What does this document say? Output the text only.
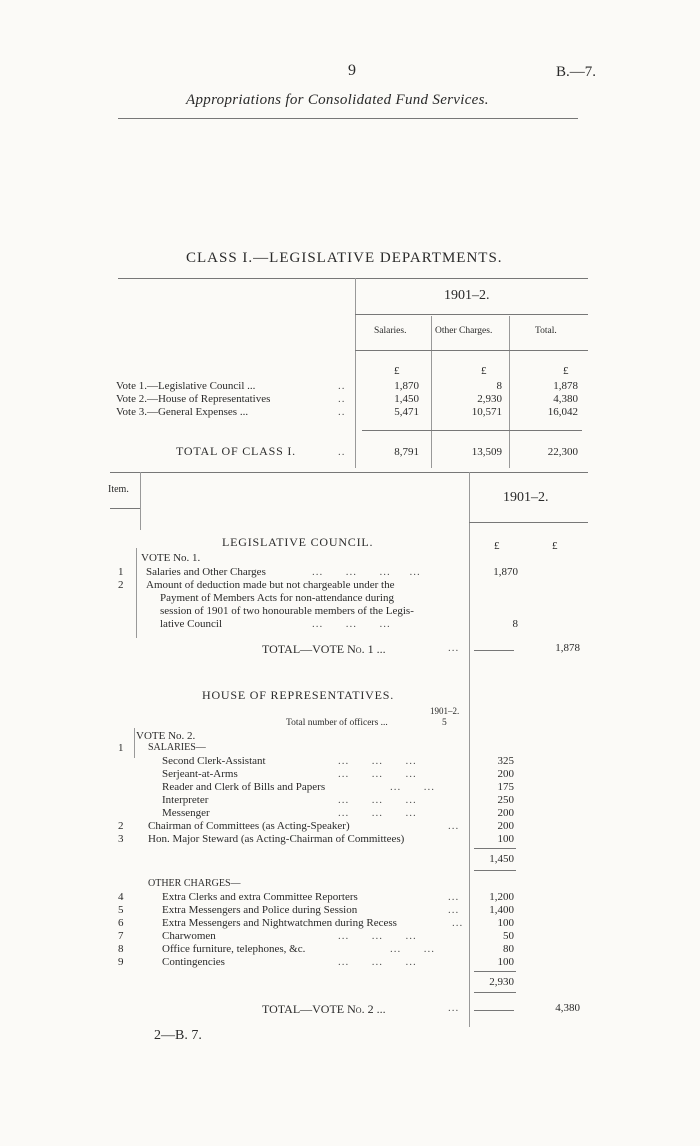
9	B.—7.
Appropriations for Consolidated Fund Services.
CLASS I.—LEGISLATIVE DEPARTMENTS.
1901–2.
Salaries.	Other Charges.	Total.
£	£	£
Vote 1.—Legislative Council ...	..	1,870	8	1,878
Vote 2.—House of Representatives	..	1,450	2,930	4,380
Vote 3.—General Expenses ...	..	5,471	10,571	16,042
TOTAL OF CLASS I.	..	8,791	13,509	22,300
Item.
1901–2.
LEGISLATIVE COUNCIL.	£	£
VOTE No. 1.
1 Salaries and Other Charges	...      ...      ...     ...	1,870
2 Amount of deduction made but not chargeable under the
Payment of Members Acts for non-attendance during
session of 1901 of two honourable members of the Legis-
lative Council	...      ...      ...	8
TOTAL—VOTE No. 1 ...	...	1,878
HOUSE OF REPRESENTATIVES.
1901–2.
Total number of officers ...	5
VOTE No. 2.
SALARIES—
1
Second Clerk-Assistant	...      ...      ...	325
Serjeant-at-Arms	...      ...      ...	200
Reader and Clerk of Bills and Papers	...      ...	175
Interpreter	...      ...      ...	250
Messenger	...      ...      ...	200
2 Chairman of Committees (as Acting-Speaker)	...	200
3 Hon. Major Steward (as Acting-Chairman of Committees)	100
1,450
OTHER CHARGES—
4	Extra Clerks and extra Committee Reporters	...	1,200
5	Extra Messengers and Police during Session	...	1,400
6	Extra Messengers and Nightwatchmen during Recess	...	100
7	Charwomen	...      ...      ...	50
8	Office furniture, telephones, &c.	...      ...	80
9	Contingencies	...      ...      ...	100
2,930
TOTAL—VOTE No. 2 ...	...	4,380
2—B. 7.
